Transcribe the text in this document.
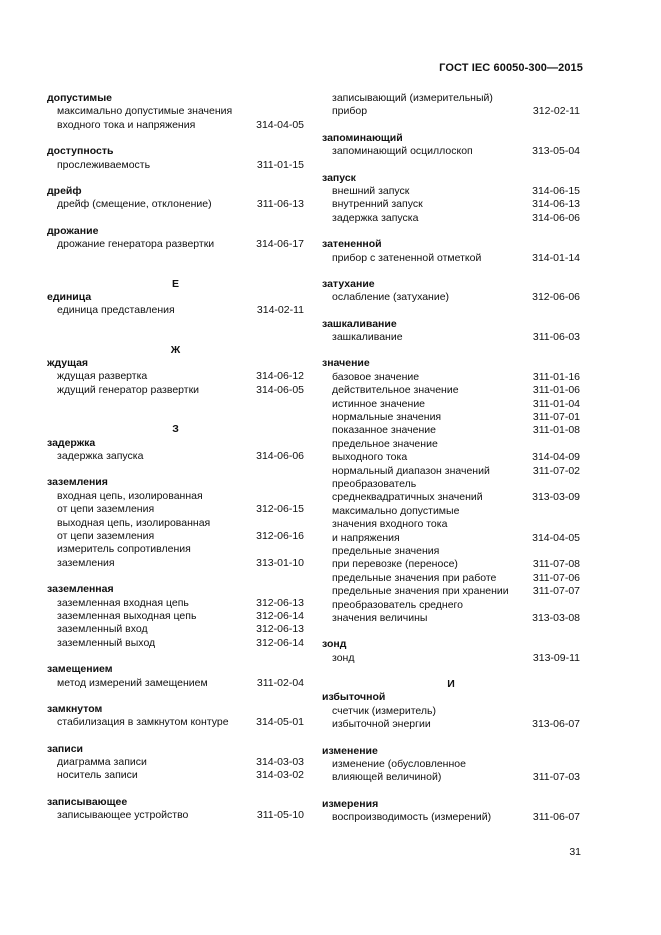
ГОСТ IEC 60050-300—2015
допустимые
максимально допустимые значения
входного тока и напряжения	314-04-05
доступность
прослеживаемость	311-01-15
дрейф
дрейф (смещение, отклонение)	311-06-13
дрожание
дрожание генератора развертки	314-06-17
Е
единица
единица представления	314-02-11
Ж
ждущая
ждущая развертка	314-06-12
ждущий генератор развертки	314-06-05
З
задержка
задержка запуска	314-06-06
заземления
входная цепь, изолированная
от цепи заземления	312-06-15
выходная цепь, изолированная
от цепи заземления	312-06-16
измеритель сопротивления
заземления	313-01-10
заземленная
заземленная входная цепь	312-06-13
заземленная выходная цепь	312-06-14
заземленный вход	312-06-13
заземленный выход	312-06-14
замещением
метод измерений замещением	311-02-04
замкнутом
стабилизация в замкнутом контуре	314-05-01
записи
диаграмма записи	314-03-03
носитель записи	314-03-02
записывающее
записывающее устройство	311-05-10
записывающий (измерительный)
прибор	312-02-11
запоминающий
запоминающий осциллоскоп	313-05-04
запуск
внешний запуск	314-06-15
внутренний запуск	314-06-13
задержка запуска	314-06-06
затененной
прибор с затененной отметкой	314-01-14
затухание
ослабление (затухание)	312-06-06
зашкаливание
зашкаливание	311-06-03
значение
базовое значение	311-01-16
действительное значение	311-01-06
истинное значение	311-01-04
нормальные значения	311-07-01
показанное значение	311-01-08
предельное значение
выходного тока	314-04-09
нормальный диапазон значений	311-07-02
преобразователь
среднеквадратичных значений	313-03-09
максимально допустимые
значения входного тока
и напряжения	314-04-05
предельные значения
при перевозке (переносе)	311-07-08
предельные значения при работе	311-07-06
предельные значения при хранении 311-07-07
преобразователь среднего
значения величины	313-03-08
зонд
зонд	313-09-11
И
избыточной
счетчик (измеритель)
избыточной энергии	313-06-07
изменение
изменение (обусловленное
влияющей величиной)	311-07-03
измерения
воспроизводимость (измерений)	311-06-07
31
